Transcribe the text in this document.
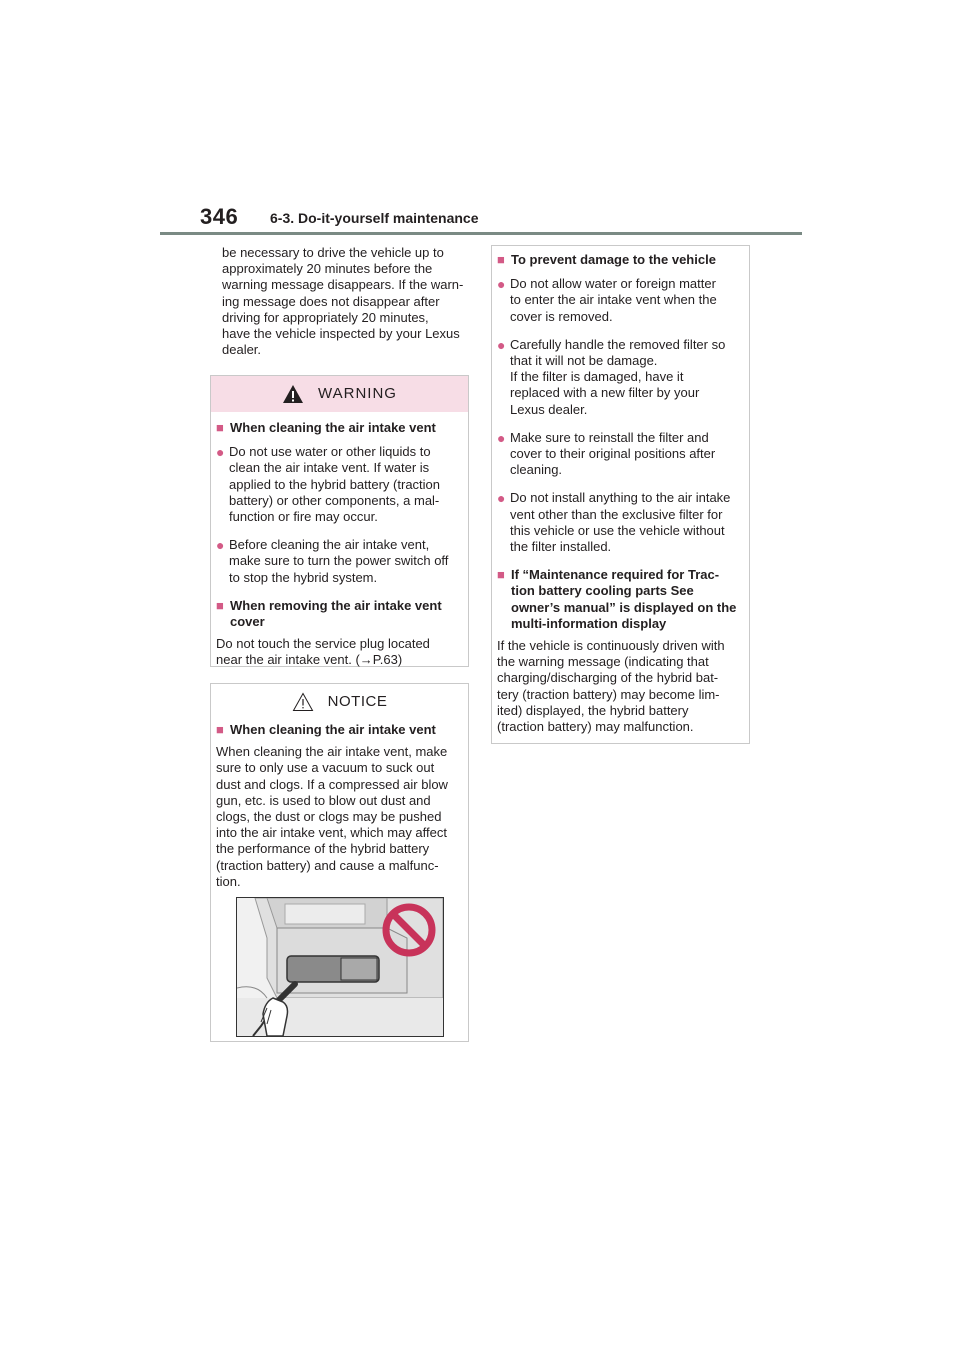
346 6-3. Do-it-yourself maintenance

be necessary to drive the vehicle up to

approximately 20 minutes before the

warning message disappears. If the warn-

ing message does not disappear after

driving for appropriately 20 minutes,

have the vehicle inspected by your Lexus

dealer.

WARNING
■ When cleaning the air intake vent

● Do not use water or other liquids to

clean the air intake vent. If water is

applied to the hybrid battery (traction

battery) or other components, a mal-

function or fire may occur.

● Before cleaning the air intake vent,

make sure to turn the power switch off

to stop the hybrid system.

■ When removing the air intake vent

cover

Do not touch the service plug located

near the air intake vent. (→P.63)

NOTICE
■ When cleaning the air intake vent

When cleaning the air intake vent, make

sure to only use a vacuum to suck out

dust and clogs. If a compressed air blow

gun, etc. is used to blow out dust and

clogs, the dust or clogs may be pushed

into the air intake vent, which may affect

the performance of the hybrid battery

(traction battery) and cause a malfunc-

tion.

■ To prevent damage to the vehicle

● Do not allow water or foreign matter

to enter the air intake vent when the

cover is removed.

● Carefully handle the removed filter so

that it will not be damage.

If the filter is damaged, have it

replaced with a new filter by your

Lexus dealer.

● Make sure to reinstall the filter and

cover to their original positions after

cleaning.

● Do not install anything to the air intake

vent other than the exclusive filter for

this vehicle or use the vehicle without

the filter installed.

■ If “Maintenance required for Trac-

tion battery cooling parts See

owner’s manual” is displayed on the

multi-information display

If the vehicle is continuously driven with

the warning message (indicating that

charging/discharging of the hybrid bat-

tery (traction battery) may become lim-

ited) displayed, the hybrid battery

(traction battery) may malfunction.
